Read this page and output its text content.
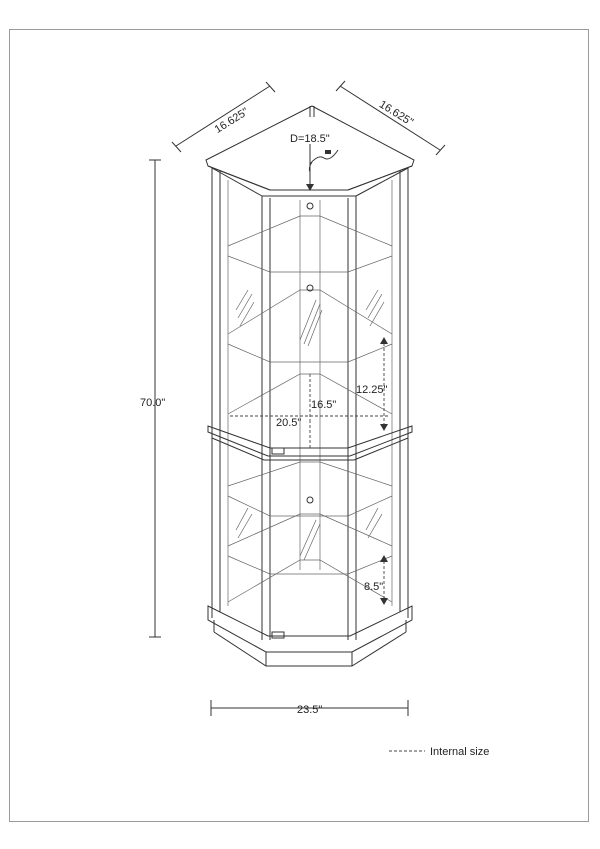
16.625"	16.625"
70.0"
23.5"
D=18.5"
16.5"
20.5"
12.25"
8.5"
Internal size
